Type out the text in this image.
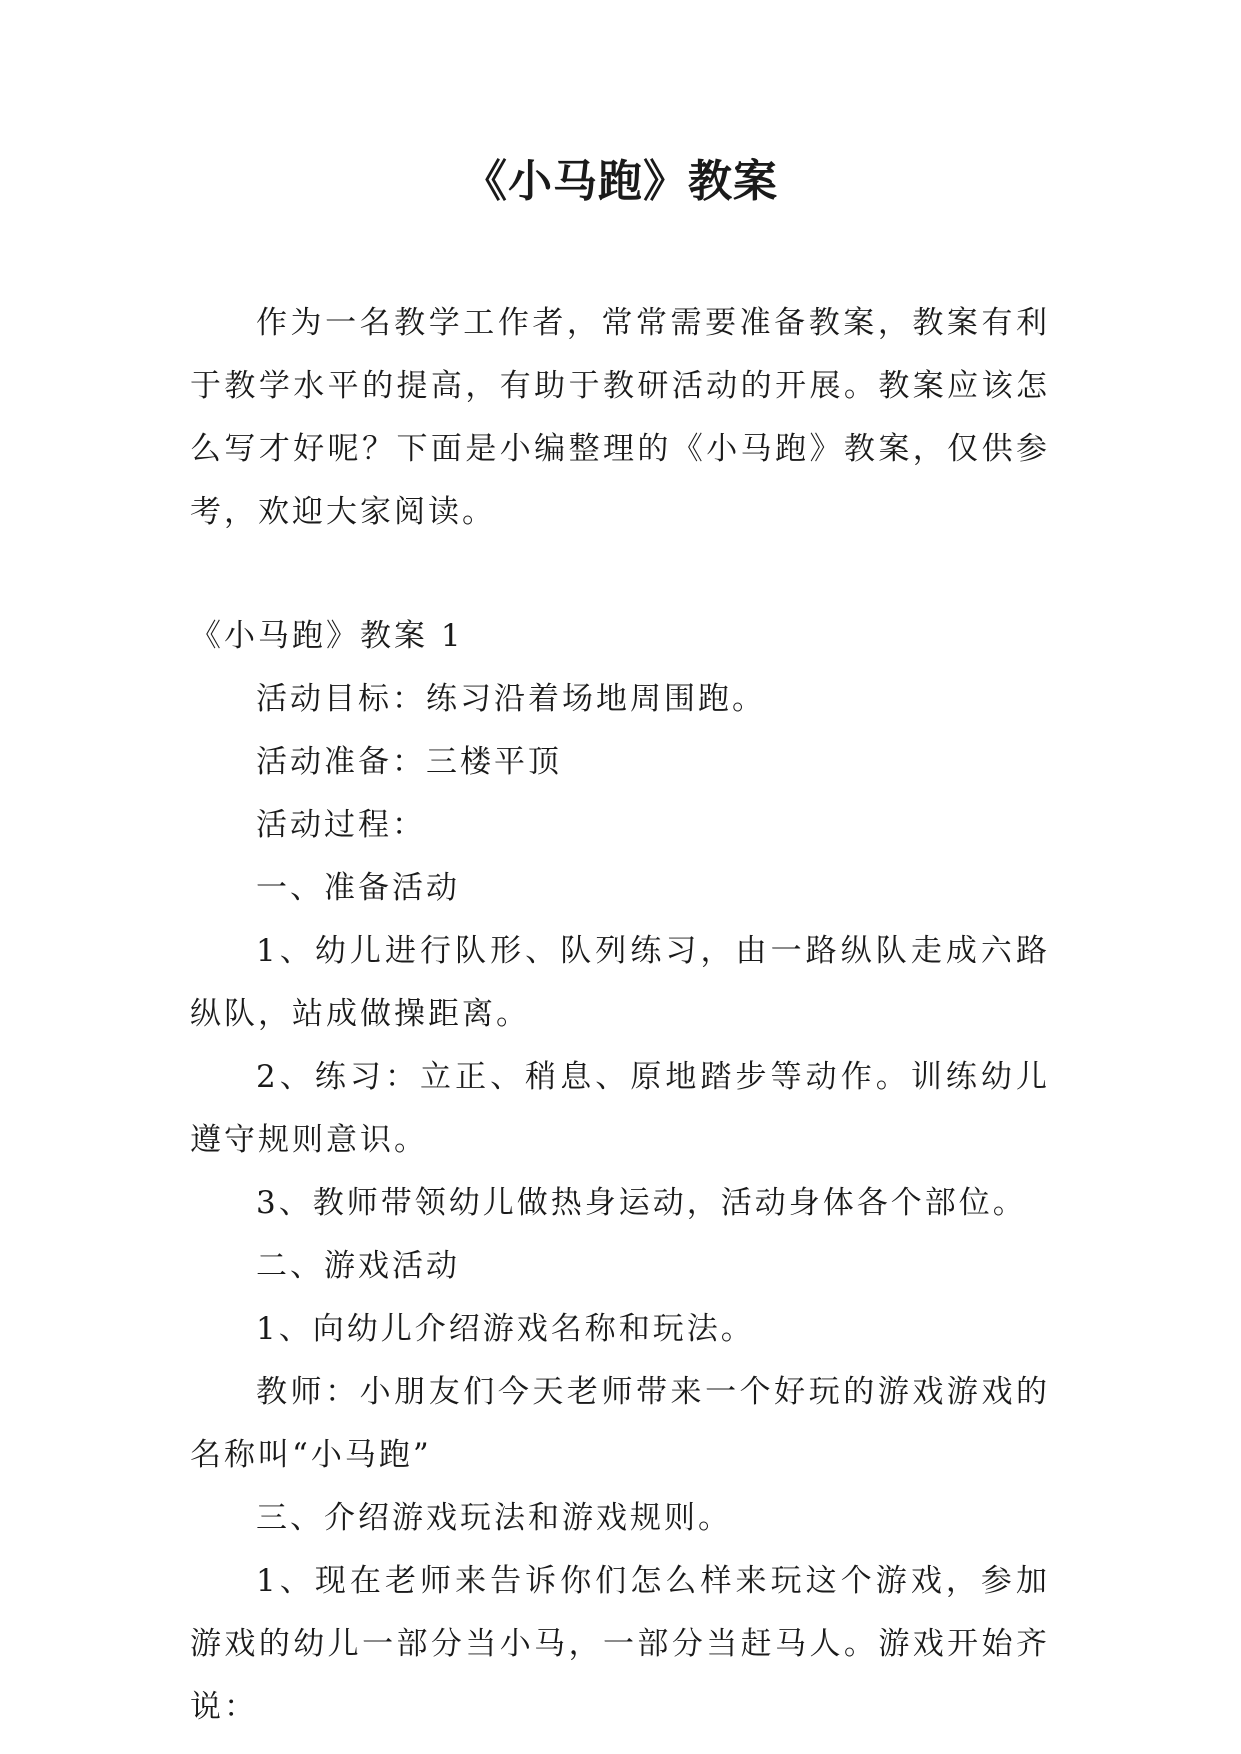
《小马跑》教案

作为一名教学工作者，常常需要准备教案，教案有利于教学水平的提高，有助于教研活动的开展。教案应该怎么写才好呢？下面是小编整理的《小马跑》教案，仅供参考，欢迎大家阅读。

《小马跑》教案 1

活动目标：练习沿着场地周围跑。

活动准备：三楼平顶

活动过程：

一、准备活动

1、幼儿进行队形、队列练习，由一路纵队走成六路纵队，站成做操距离。

2、练习：立正、稍息、原地踏步等动作。训练幼儿遵守规则意识。

3、教师带领幼儿做热身运动，活动身体各个部位。

二、游戏活动

1、向幼儿介绍游戏名称和玩法。

教师：小朋友们今天老师带来一个好玩的游戏游戏的名称叫“小马跑”

三、介绍游戏玩法和游戏规则。

1、现在老师来告诉你们怎么样来玩这个游戏，参加游戏的幼儿一部分当小马，一部分当赶马人。游戏开始齐说：
